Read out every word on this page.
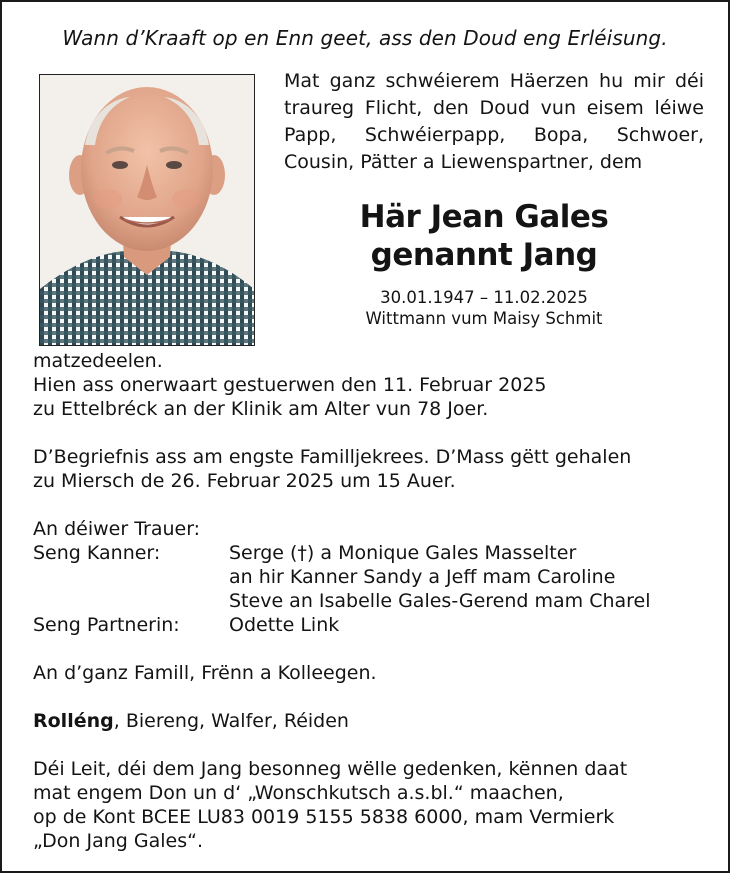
Wann d’Kraaft op en Enn geet, ass den Doud eng Erléisung.
Mat ganz schwéierem Häerzen hu mir déi
traureg Flicht, den Doud vun eisem léiwe
Papp, Schwéierpapp, Bopa, Schwoer,
Cousin, Pätter a Liewenspartner, dem
Här Jean Gales
genannt Jang
30.01.1947 – 11.02.2025
Wittmann vum Maisy Schmit

matzedeelen.

Hien ass onerwaart gestuerwen den 11. Februar 2025

zu Ettelbréck an der Klinik am Alter vun 78 Joer.

D’Begriefnis ass am engste Familljekrees. D’Mass gëtt gehalen

zu Miersch de 26. Februar 2025 um 15 Auer.

An déiwer Trauer:

Seng Kanner:	Serge (†) a Monique Gales Masselter

an hir Kanner Sandy a Jeff mam Caroline

Steve an Isabelle Gales-Gerend mam Charel

Seng Partnerin:	Odette Link

An d’ganz Famill, Frënn a Kolleegen.

Rolléng, Biereng, Walfer, Réiden

Déi Leit, déi dem Jang besonneg wëlle gedenken, kënnen daat

mat engem Don un d‘ „Wonschkutsch a.s.bl.“ maachen,

op de Kont BCEE LU83 0019 5155 5838 6000, mam Vermierk

„Don Jang Gales“.
